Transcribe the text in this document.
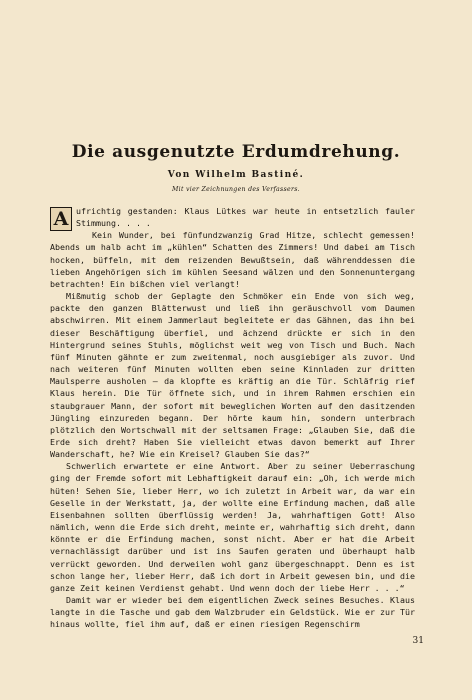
Die ausgenutzte Erdumdrehung.
Von Wilhelm Bastiné.
Mit vier Zeichnungen des Verfassers.

A ufrichtig gestanden: Klaus Lütkes war heute in entsetzlich fauler Stimmung. . . .

Kein Wunder, bei fünfundzwanzig Grad Hitze, schlecht gemessen! Abends um halb acht im „kühlen“ Schatten des Zimmers! Und dabei am Tisch hocken, büffeln, mit dem reizenden Bewußtsein, daß währenddessen die lieben Angehörigen sich im kühlen Seesand wälzen und den Sonnenuntergang betrachten! Ein bißchen viel verlangt!

Mißmutig schob der Geplagte den Schmöker ein Ende von sich weg, packte den ganzen Blätterwust und ließ ihn geräuschvoll vom Daumen abschwirren. Mit einem Jammerlaut begleitete er das Gähnen, das ihn bei dieser Beschäftigung überfiel, und ächzend drückte er sich in den Hintergrund seines Stuhls, möglichst weit weg von Tisch und Buch. Nach fünf Minuten gähnte er zum zweitenmal, noch ausgiebiger als zuvor. Und nach weiteren fünf Minuten wollten eben seine Kinnladen zur dritten Maulsperre ausholen — da klopfte es kräftig an die Tür. Schläfrig rief Klaus herein. Die Tür öffnete sich, und in ihrem Rahmen erschien ein staubgrauer Mann, der sofort mit beweglichen Worten auf den dasitzenden Jüngling einzureden begann. Der hörte kaum hin, sondern unterbrach plötzlich den Wortschwall mit der seltsamen Frage: „Glauben Sie, daß die Erde sich dreht? Haben Sie vielleicht etwas davon bemerkt auf Ihrer Wanderschaft, he? Wie ein Kreisel? Glauben Sie das?“

Schwerlich erwartete er eine Antwort. Aber zu seiner Ueberraschung ging der Fremde sofort mit Lebhaftigkeit darauf ein: „Oh, ich werde mich hüten! Sehen Sie, lieber Herr, wo ich zuletzt in Arbeit war, da war ein Geselle in der Werkstatt, ja, der wollte eine Erfindung machen, daß alle Eisenbahnen sollten überflüssig werden! Ja, wahrhaftigen Gott! Also nämlich, wenn die Erde sich dreht, meinte er, wahrhaftig sich dreht, dann könnte er die Erfindung machen, sonst nicht. Aber er hat die Arbeit vernachlässigt darüber und ist ins Saufen geraten und überhaupt halb verrückt geworden. Und derweilen wohl ganz übergeschnappt. Denn es ist schon lange her, lieber Herr, daß ich dort in Arbeit gewesen bin, und die ganze Zeit keinen Verdienst gehabt. Und wenn doch der liebe Herr . . .“

Damit war er wieder bei dem eigentlichen Zweck seines Besuches. Klaus langte in die Tasche und gab dem Walzbruder ein Geldstück. Wie er zur Tür hinaus wollte, fiel ihm auf, daß er einen riesigen Regenschirm

31
